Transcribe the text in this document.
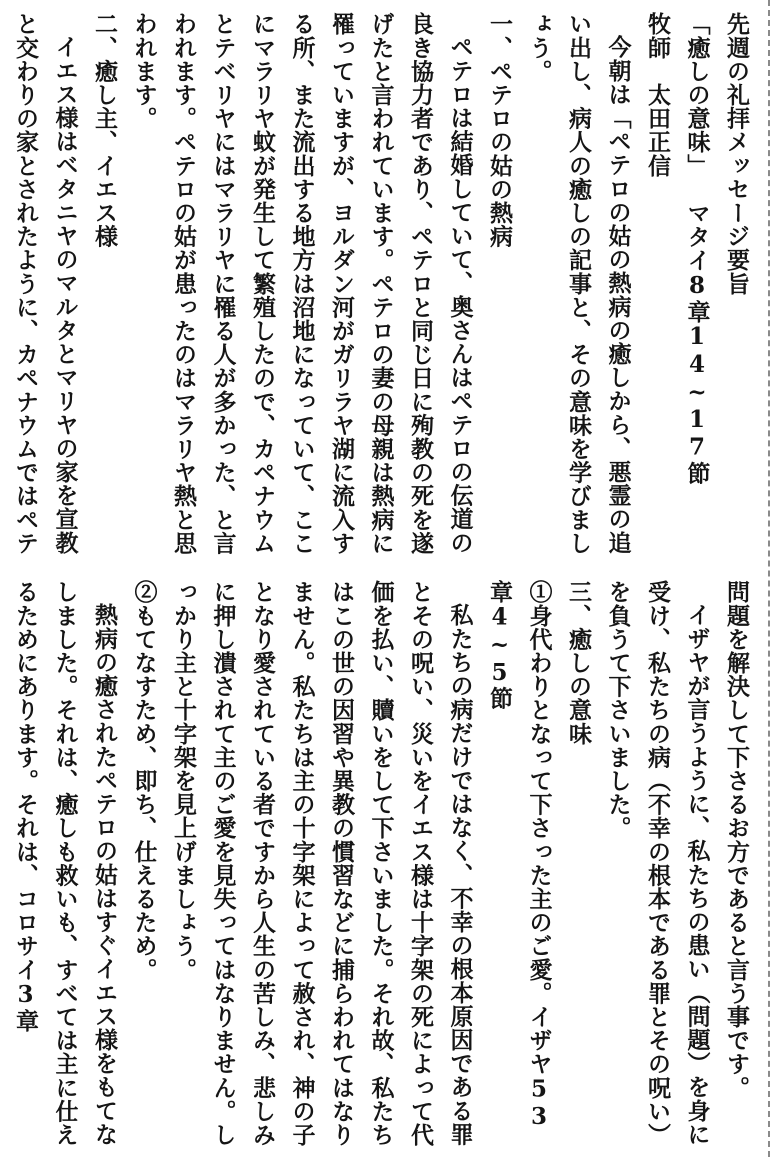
先週の礼拝メッセージ要旨

「癒しの意味」マタイ8章14~17節牧師　太田正信

今朝は「ペテロの姑の熱病の癒しから、悪霊の追い出し、病人の癒しの記事と、その意味を学びましょう。

一、ペテロの姑の熱病

ペテロは結婚していて、奥さんはペテロの伝道の良き協力者であり、ペテロと同じ日に殉教の死を遂げたと言われています。ペテロの妻の母親は熱病に罹っていますが、ヨルダン河がガリラヤ湖に流入する所、また流出する地方は沼地になっていて、ここにマラリヤ蚊が発生して繁殖したので、カペナウムとテベリヤにはマラリヤに罹る人が多かった、と言われます。ペテロの姑が患ったのはマラリヤ熱と思われます。

二、癒し主、イエス様

イエス様はベタニヤのマルタとマリヤの家を宣教と交わりの家とされたように、カペナウムではペテ

問題を解決して下さるお方であると言う事です。

イザヤが言うように、私たちの患い（問題）を身に受け、私たちの病（不幸の根本である罪とその呪い）を負うて下さいました。

三、癒しの意味

①身代わりとなって下さった主のご愛。イザヤ53章4~5節

私たちの病だけではなく、不幸の根本原因である罪とその呪い、災いをイエス様は十字架の死によって代価を払い、贖いをして下さいました。それ故、私たちはこの世の因習や異教の慣習などに捕らわれてはなりません。私たちは主の十字架によって赦され、神の子となり愛されている者ですから人生の苦しみ、悲しみに押し潰されて主のご愛を見失ってはなりません。しっかり主と十字架を見上げましょう。

②もてなすため、即ち、仕えるため。

熱病の癒されたペテロの姑はすぐイエス様をもてなしました。それは、癒しも救いも、すべては主に仕えるためにあります。それは、コロサイ3章
